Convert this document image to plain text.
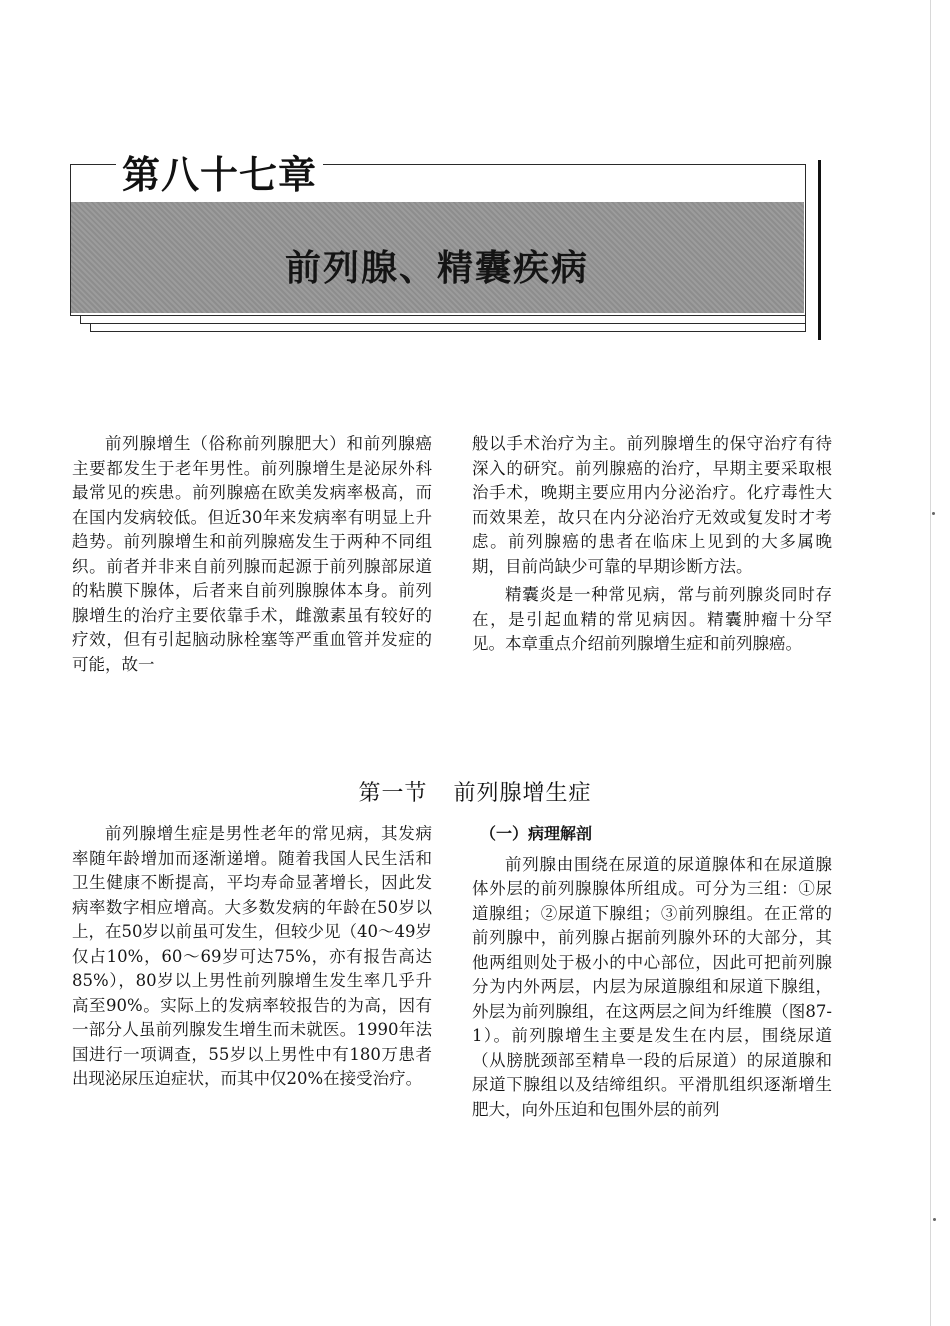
第八十七章
前列腺、精囊疾病

前列腺增生（俗称前列腺肥大）和前列腺癌主要都发生于老年男性。前列腺增生是泌尿外科最常见的疾患。前列腺癌在欧美发病率极高，而在国内发病较低。但近30年来发病率有明显上升趋势。前列腺增生和前列腺癌发生于两种不同组织。前者并非来自前列腺而起源于前列腺部尿道的粘膜下腺体，后者来自前列腺腺体本身。前列腺增生的治疗主要依靠手术，雌激素虽有较好的疗效，但有引起脑动脉栓塞等严重血管并发症的可能，故一

般以手术治疗为主。前列腺增生的保守治疗有待深入的研究。前列腺癌的治疗，早期主要采取根治手术，晚期主要应用内分泌治疗。化疗毒性大而效果差，故只在内分泌治疗无效或复发时才考虑。前列腺癌的患者在临床上见到的大多属晚期，目前尚缺少可靠的早期诊断方法。

精囊炎是一种常见病，常与前列腺炎同时存在，是引起血精的常见病因。精囊肿瘤十分罕见。本章重点介绍前列腺增生症和前列腺癌。

第一节 前列腺增生症

前列腺增生症是男性老年的常见病，其发病率随年龄增加而逐渐递增。随着我国人民生活和卫生健康不断提高，平均寿命显著增长，因此发病率数字相应增高。大多数发病的年龄在50岁以上，在50岁以前虽可发生，但较少见（40～49岁仅占10%，60～69岁可达75%，亦有报告高达85%），80岁以上男性前列腺增生发生率几乎升高至90%。实际上的发病率较报告的为高，因有一部分人虽前列腺发生增生而未就医。1990年法国进行一项调查，55岁以上男性中有180万患者出现泌尿压迫症状，而其中仅20%在接受治疗。

（一）病理解剖

前列腺由围绕在尿道的尿道腺体和在尿道腺体外层的前列腺腺体所组成。可分为三组：①尿道腺组；②尿道下腺组；③前列腺组。在正常的前列腺中，前列腺占据前列腺外环的大部分，其他两组则处于极小的中心部位，因此可把前列腺分为内外两层，内层为尿道腺组和尿道下腺组，外层为前列腺组，在这两层之间为纤维膜（图87-1）。前列腺增生主要是发生在内层，围绕尿道（从膀胱颈部至精阜一段的后尿道）的尿道腺和尿道下腺组以及结缔组织。平滑肌组织逐渐增生肥大，向外压迫和包围外层的前列
